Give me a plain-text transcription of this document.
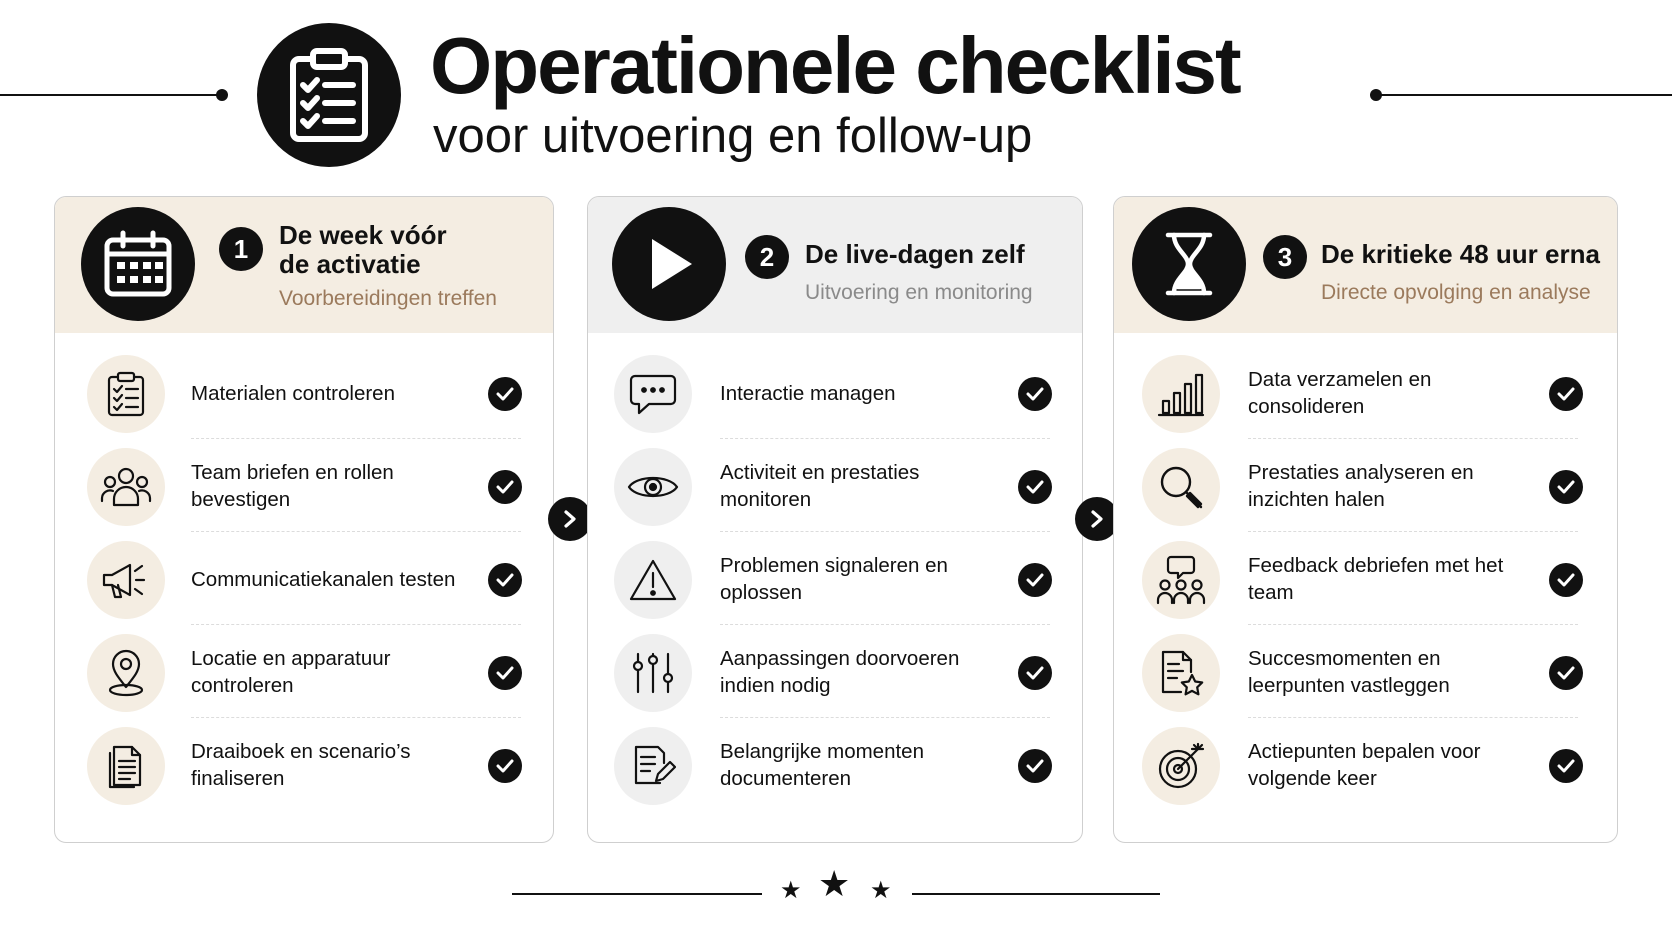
Operationele checklist
voor uitvoering en follow-up
1	De week vóór
de activatie
Voorbereidingen treffen
Materialen controleren
Team briefen en rollen bevestigen
Communicatiekanalen testen
Locatie en apparatuur controleren
Draaiboek en scenario’s finaliseren
2	De live-dagen zelf
Uitvoering en monitoring
Interactie managen
Activiteit en prestaties monitoren
Problemen signaleren en oplossen
Aanpassingen doorvoeren indien nodig
Belangrijke momenten documenteren
3	De kritieke 48 uur erna
Directe opvolging en analyse
Data verzamelen en consolideren
Prestaties analyseren en inzichten halen
Feedback debriefen met het team
Succesmomenten en leerpunten vastleggen
Actiepunten bepalen voor volgende keer
★ ★ ★
